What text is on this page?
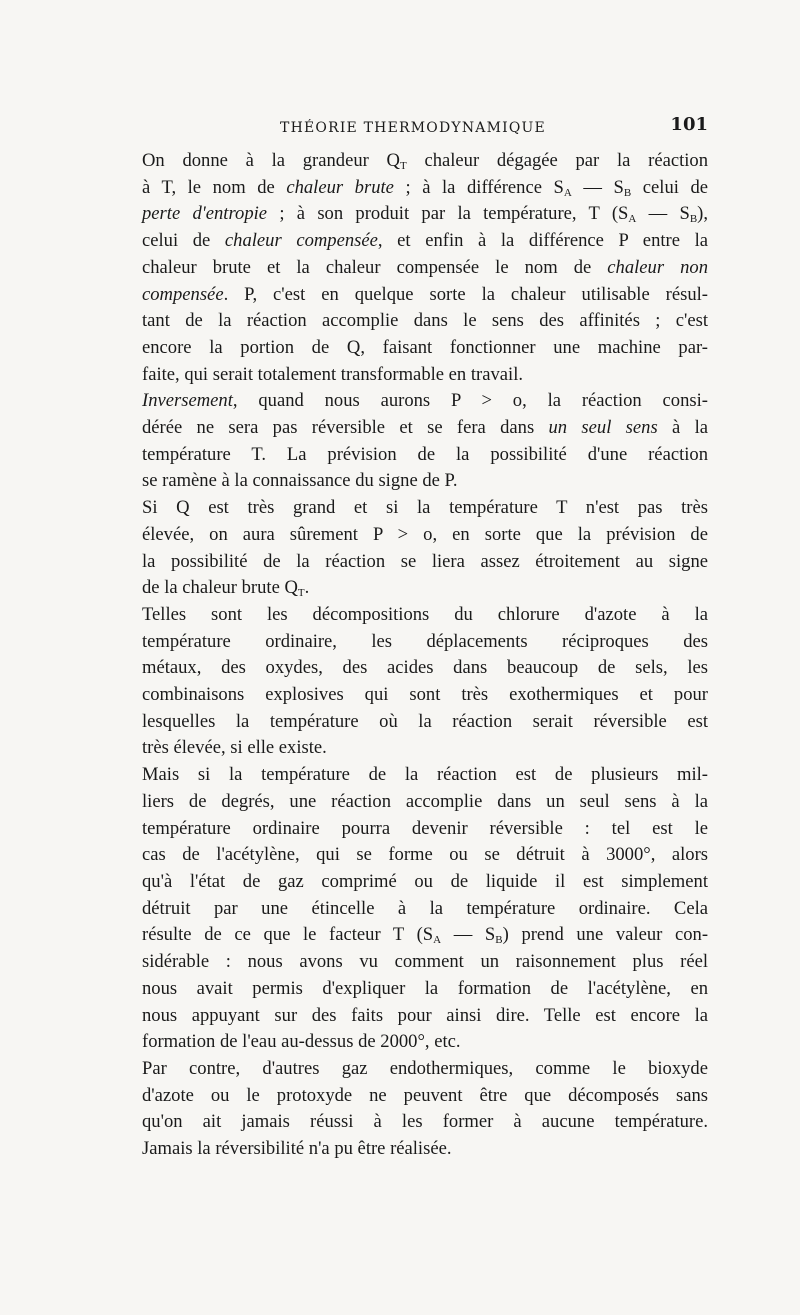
THÉORIE THERMODYNAMIQUE	101

On donne à la grandeur $Q_T$ chaleur dégagée par la réaction
à T, le nom de chaleur brute ; à la différence $S_A$ — $S_B$ celui de
perte d'entropie ; à son produit par la température, T ($S_A$ — $S_B$),
celui de chaleur compensée, et enfin à la différence P entre la
chaleur brute et la chaleur compensée le nom de chaleur non
compensée. P, c'est en quelque sorte la chaleur utilisable résul-
tant de la réaction accomplie dans le sens des affinités ; c'est
encore la portion de Q, faisant fonctionner une machine par-
faite, qui serait totalement transformable en travail.

Inversement, quand nous aurons P > o, la réaction consi-
dérée ne sera pas réversible et se fera dans un seul sens à la
température T. La prévision de la possibilité d'une réaction
se ramène à la connaissance du signe de P.

Si Q est très grand et si la température T n'est pas très
élevée, on aura sûrement P > o, en sorte que la prévision de
la possibilité de la réaction se liera assez étroitement au signe
de la chaleur brute $Q_T$.

Telles sont les décompositions du chlorure d'azote à la
température ordinaire, les déplacements réciproques des
métaux, des oxydes, des acides dans beaucoup de sels, les
combinaisons explosives qui sont très exothermiques et pour
lesquelles la température où la réaction serait réversible est
très élevée, si elle existe.

Mais si la température de la réaction est de plusieurs mil-
liers de degrés, une réaction accomplie dans un seul sens à la
température ordinaire pourra devenir réversible : tel est le
cas de l'acétylène, qui se forme ou se détruit à 3000°, alors
qu'à l'état de gaz comprimé ou de liquide il est simplement
détruit par une étincelle à la température ordinaire. Cela
résulte de ce que le facteur T ($S_A$ — $S_B$) prend une valeur con-
sidérable : nous avons vu comment un raisonnement plus réel
nous avait permis d'expliquer la formation de l'acétylène, en
nous appuyant sur des faits pour ainsi dire. Telle est encore la
formation de l'eau au-dessus de 2000°, etc.

Par contre, d'autres gaz endothermiques, comme le bioxyde
d'azote ou le protoxyde ne peuvent être que décomposés sans
qu'on ait jamais réussi à les former à aucune température.
Jamais la réversibilité n'a pu être réalisée.
